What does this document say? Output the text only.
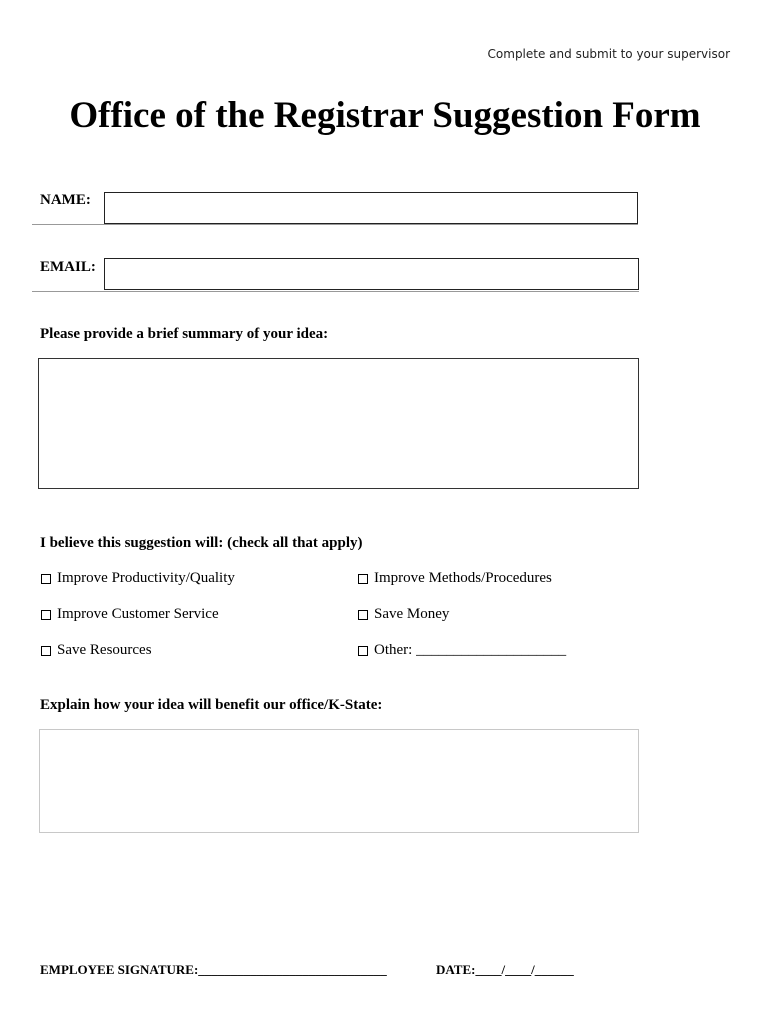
Complete and submit to your supervisor
Office of the Registrar Suggestion Form
NAME:
EMAIL:
Please provide a brief summary of your idea:
I believe this suggestion will: (check all that apply)
Improve Productivity/Quality	Improve Methods/Procedures
Improve Customer Service	Save Money
Save Resources	Other: ____________________
Explain how your idea will benefit our office/K-State:
EMPLOYEE SIGNATURE:_____________________________	DATE:____/____/______
